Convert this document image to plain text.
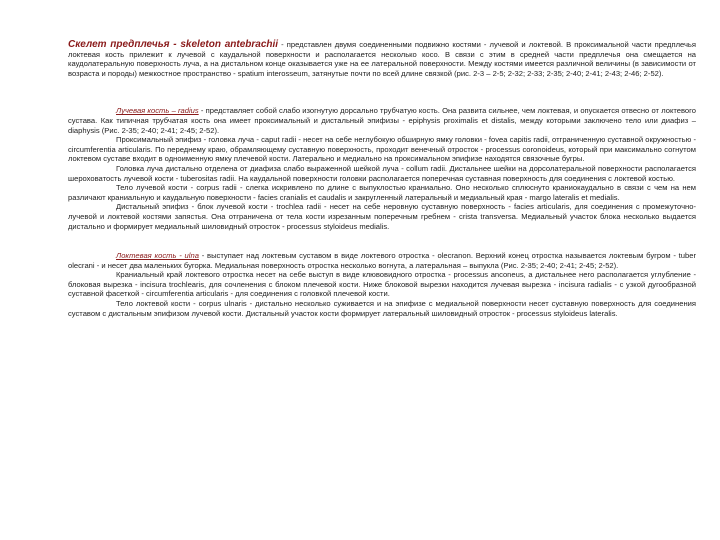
Скелет предплечья - skeleton antebrachii - представлен двумя соединенными подвижно костями - лучевой и локтевой. В проксимальной части предплечья локтевая кость прилежит к лучевой с каудальной поверхности и располагается несколько косо. В связи с этим в средней части предплечья она смещается на каудолатеральную поверхность луча, а на дистальном конце оказывается уже на ее латеральной поверхности. Между костями имеется различной величины (в зависимости от возраста и породы) межкостное пространство - spatium interosseum, затянутые почти по всей длине связкой (рис. 2-3 – 2-5; 2-32; 2-33; 2-35; 2-40; 2-41; 2-43; 2-46; 2-52).

Лучевая кость – radius - представляет собой слабо изогнутую дорсально трубчатую кость. Она развита сильнее, чем локтевая, и опускается отвесно от локтевого сустава. Как типичная трубчатая кость она имеет проксимальный и дистальный эпифизы - epiphysis proximalis et distalis, между которыми заключено тело или диафиз – diaphysis (Рис. 2-35; 2-40; 2-41; 2-45; 2-52).

Проксимальный эпифиз - головка луча - caput radii - несет на себе неглубокую обширную ямку головки - fovea capitis radii, отграниченную суставной окружностью - circumferentia articularis. По переднему краю, обрамляющему суставную поверхность, проходит венечный отросток - processus coronoideus, который при максимально согнутом локтевом суставе входит в одноименную ямку плечевой кости. Латерально и медиально на проксимальном эпифизе находятся связочные бугры.

Головка луча дистально отделена от диафиза слабо выраженной шейкой луча - collum radii. Дистальнее шейки на дорсолатеральной поверхности располагается шероховатость лучевой кости - tuberositas radii. На каудальной поверхности головки располагается поперечная суставная поверхность для соединения с локтевой костью.

Тело лучевой кости - corpus radii - слегка искривлено по длине с выпуклостью краниально. Оно несколько сплюснуто краниокаудально в связи с чем на нем различают краниальную и каудальную поверхности - facies cranialis et caudalis и закругленный латеральный и медиальный края - margo lateralis et medialis.

Дистальный эпифиз - блок лучевой кости - trochlea radii - несет на себе неровную суставную поверхность - facies articularis, для соединения с промежуточно-лучевой и локтевой костями запястья. Она отграничена от тела кости изрезанным поперечным гребнем - crista transversa. Медиальный участок блока несколько выдается дистально и формирует медиальный шиловидный отросток - processus styloideus medialis.

Локтевая кость - ulna - выступает над локтевым суставом в виде локтевого отростка - olecranon. Верхний конец отростка называется локтевым бугром - tuber olecrani - и несет два маленьких бугорка. Медиальная поверхность отростка несколько вогнута, а латеральная – выпукла (Рис. 2-35; 2-40; 2-41; 2-45; 2-52).

Краниальный край локтевого отростка несет на себе выступ в виде клювовидного отростка - processus anconeus, а дистальнее него располагается углубление - блоковая вырезка - incisura trochlearis, для сочленения с блоком плечевой кости. Ниже блоковой вырезки находится лучевая вырезка - incisura radialis - с узкой дугообразной суставной фасеткой - circumferentia articularis - для соединения с головкой плечевой кости.

Тело локтевой кости - corpus ulnaris - дистально несколько суживается и на эпифизе с медиальной поверхности несет суставную поверхность для соединения суставом с дистальным эпифизом лучевой кости. Дистальный участок кости формирует латеральный шиловидный отросток - processus styloideus lateralis.
